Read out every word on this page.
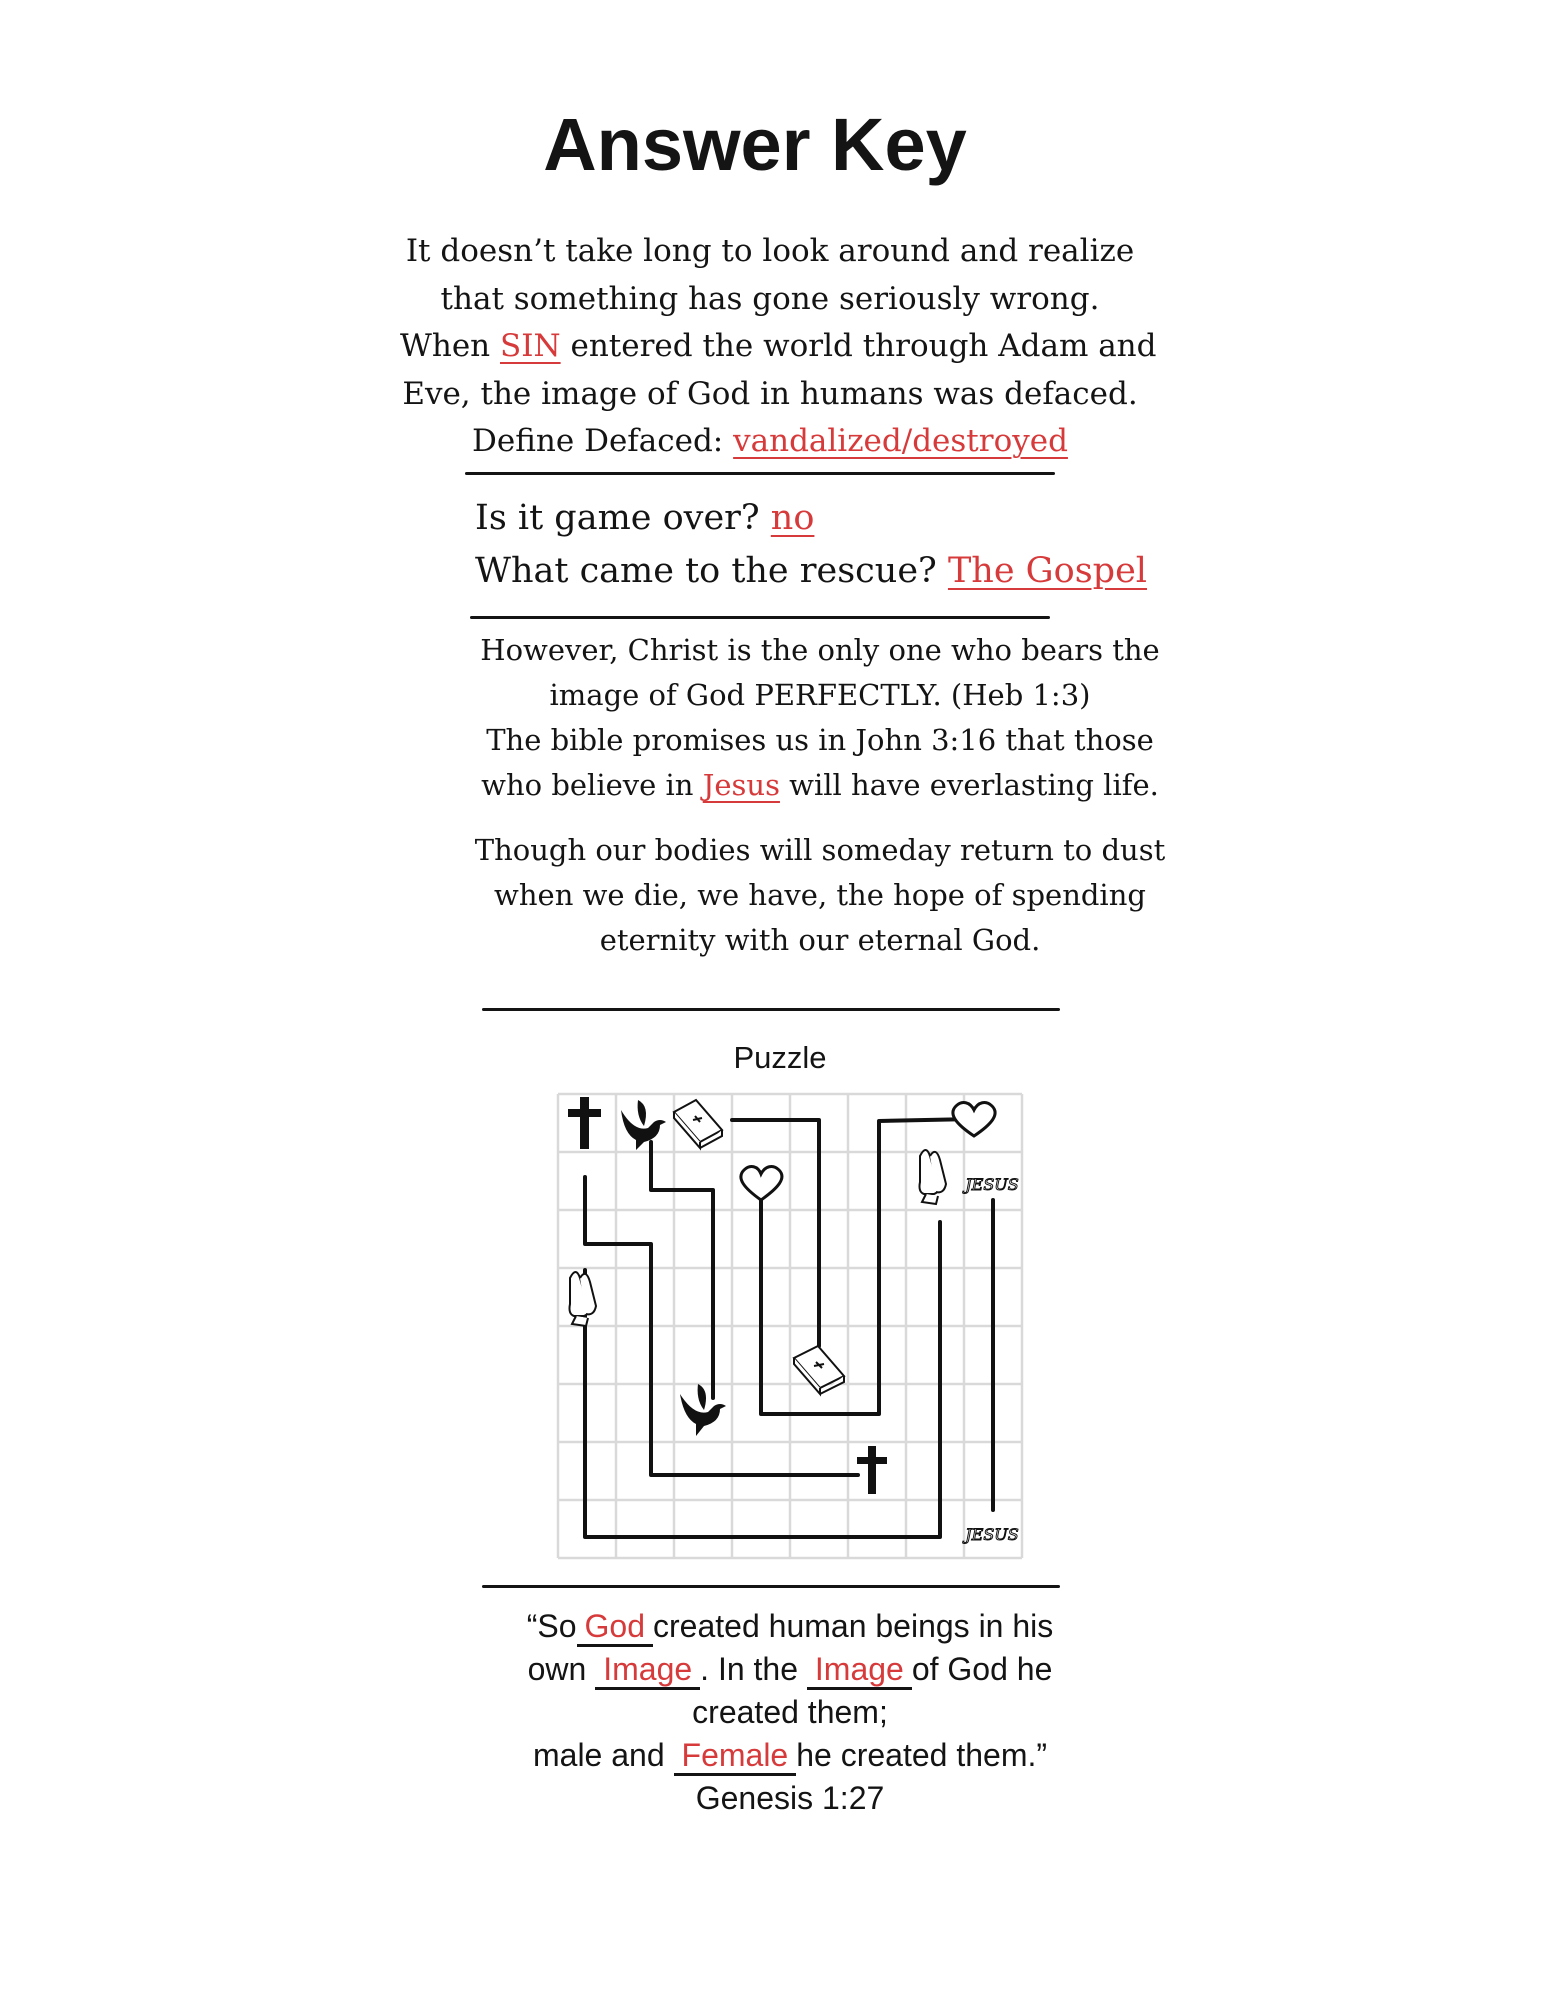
Answer Key
It doesn’t take long to look around and realize
that something has gone seriously wrong.
When SIN entered the world through Adam and
Eve, the image of God in humans was defaced.
Define Defaced: vandalized/destroyed
Is it game over? no
What came to the rescue? The Gospel
However, Christ is the only one who bears the
image of God PERFECTLY. (Heb 1:3)
The bible promises us in John 3:16 that those
who believe in Jesus will have everlasting life.
Though our bodies will someday return to dust
when we die, we have, the hope of spending
eternity with our eternal God.
Puzzle
JESUS
JESUS
“So God created human beings in his
own Image . In the Image of God he
created them;
male and Female he created them.”
Genesis 1:27
